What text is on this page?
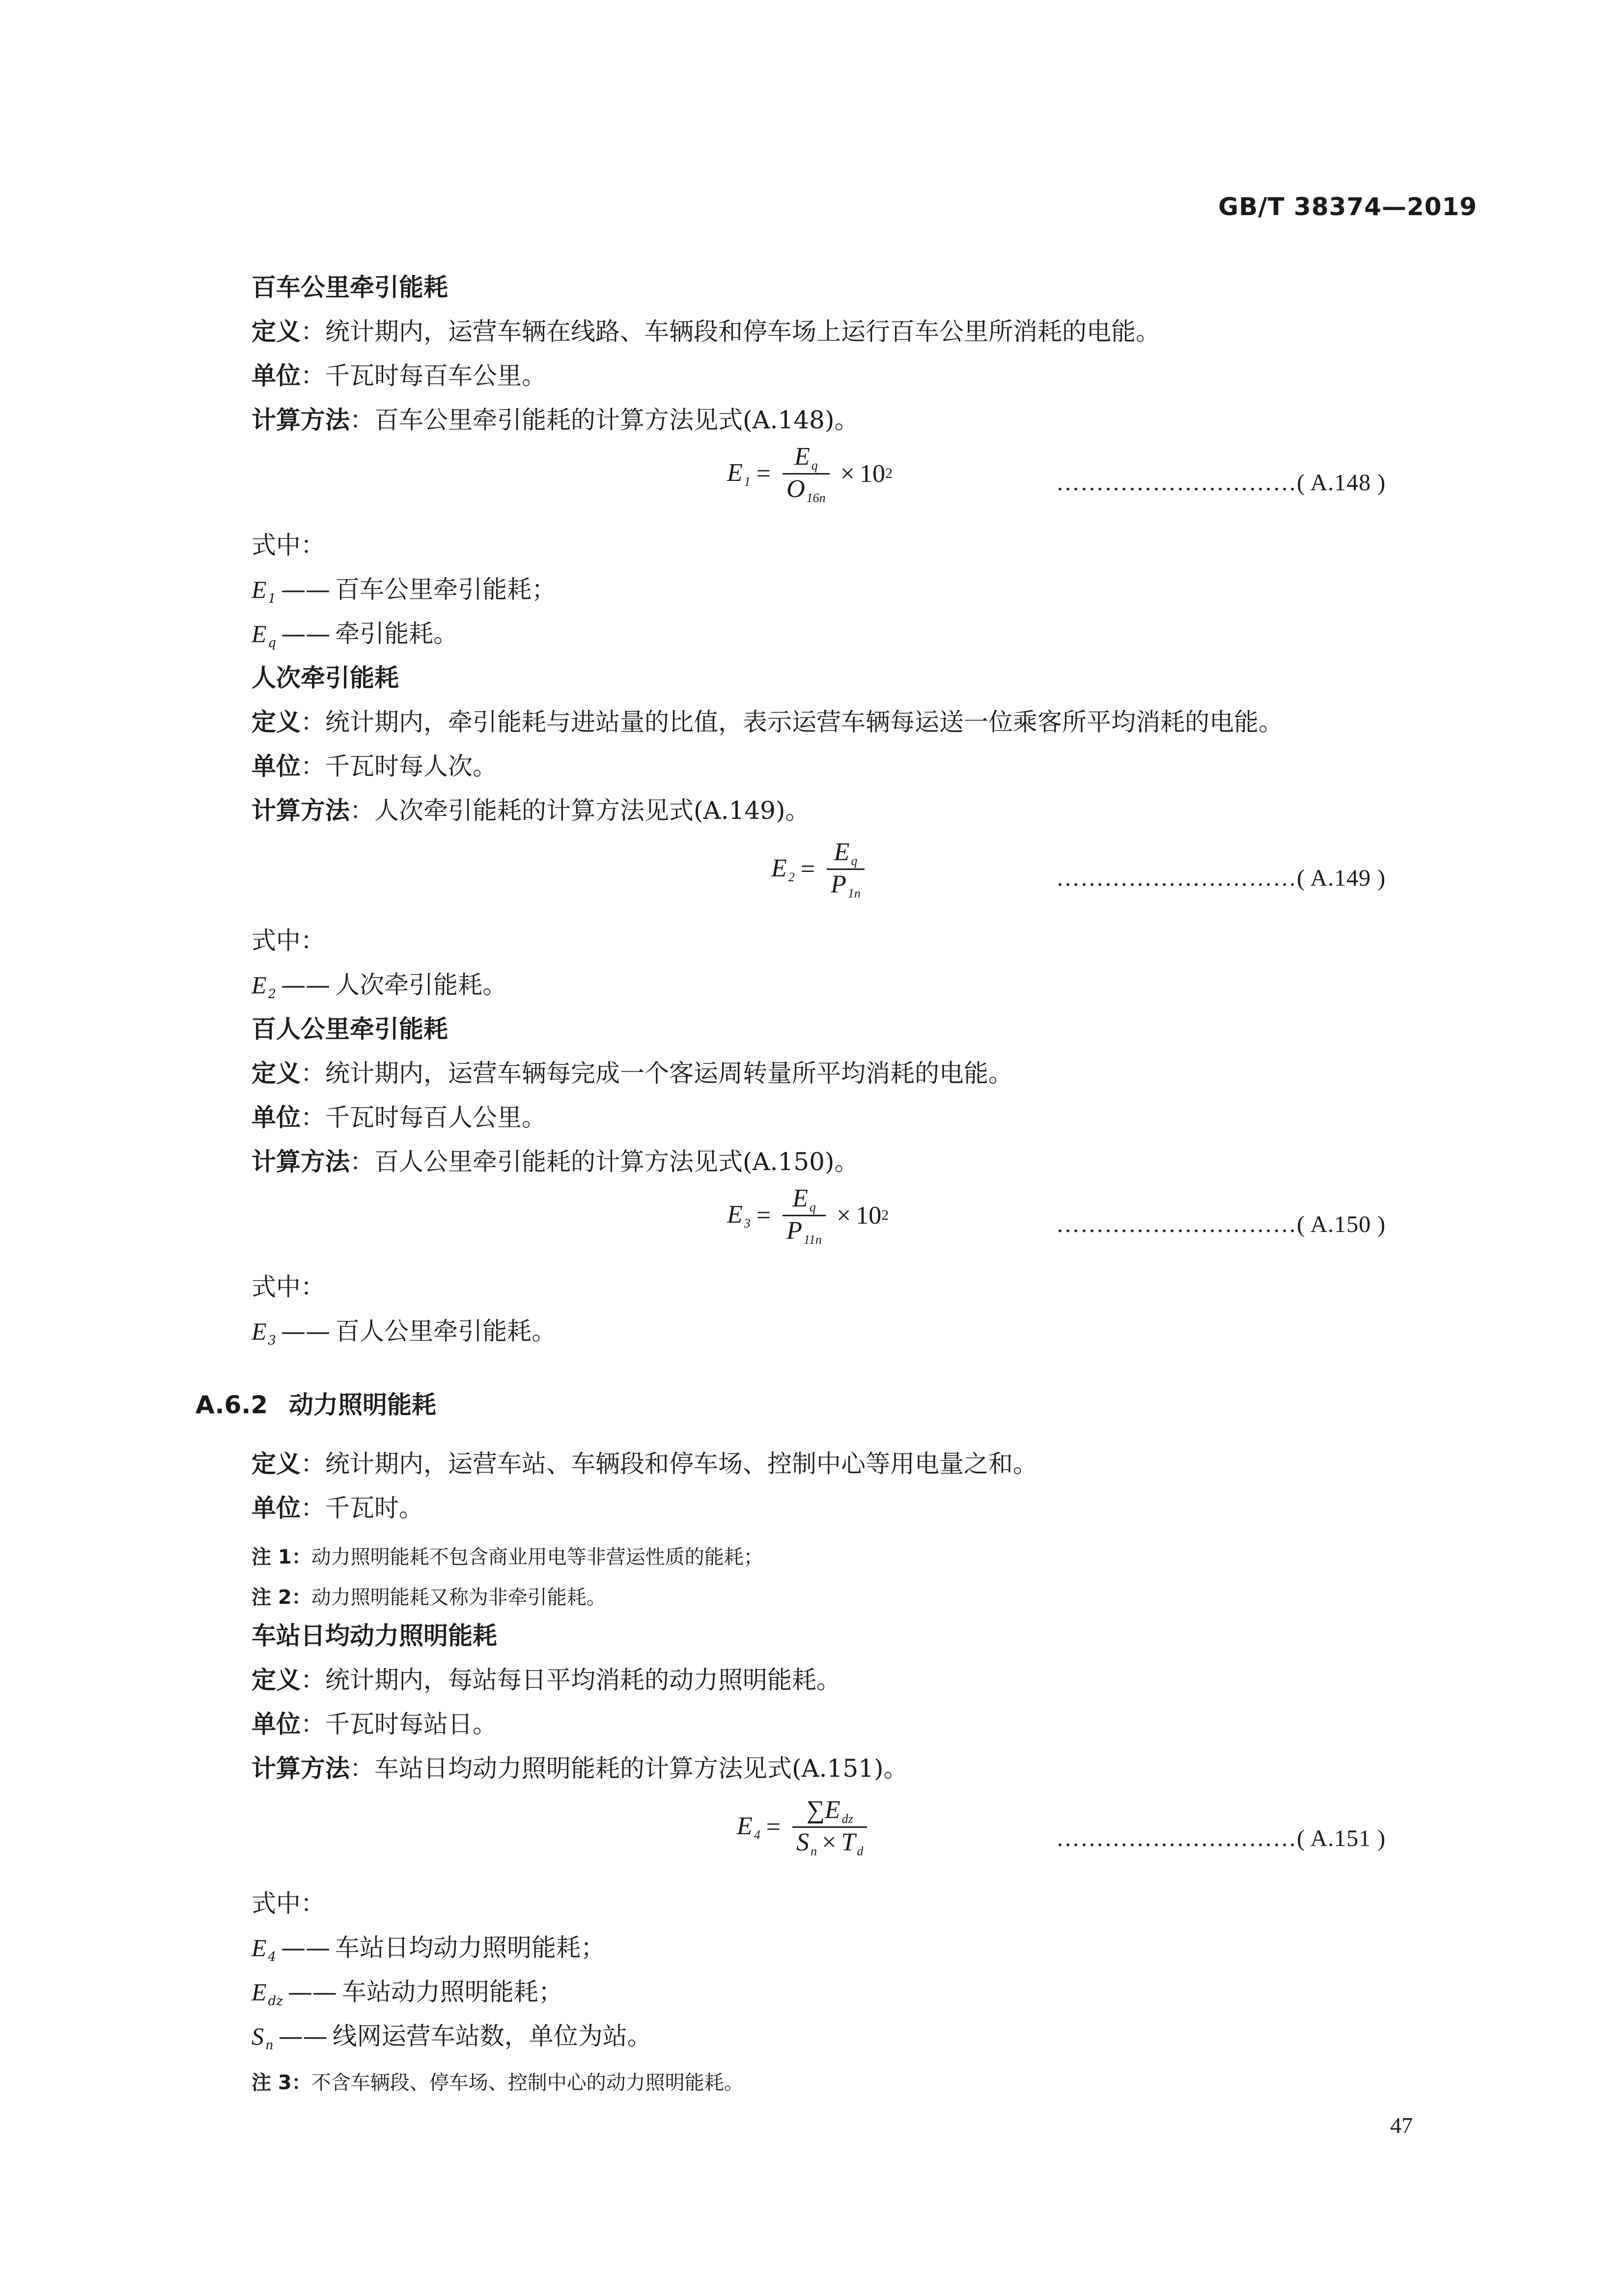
GB/T 38374—2019
百车公里牵引能耗
定义：统计期内，运营车辆在线路、车辆段和停车场上运行百车公里所消耗的电能。
单位：千瓦时每百车公里。
计算方法：百车公里牵引能耗的计算方法见式(A.148)。
E $_1 = \frac{E _q}{O _{16n}} \times 10$ 2	…………………………( A.148 )
式中：
E $_1$ —— 百车公里牵引能耗；
E $_q$ —— 牵引能耗。
人次牵引能耗
定义：统计期内，牵引能耗与进站量的比值，表示运营车辆每运送一位乘客所平均消耗的电能。
单位：千瓦时每人次。
计算方法：人次牵引能耗的计算方法见式(A.149)。
E $_2 = \frac{E _q}{P _{1n}}$	…………………………( A.149 )
式中：
E $_2$ —— 人次牵引能耗。
百人公里牵引能耗
定义：统计期内，运营车辆每完成一个客运周转量所平均消耗的电能。
单位：千瓦时每百人公里。
计算方法：百人公里牵引能耗的计算方法见式(A.150)。
E $_3 = \frac{E _q}{P _{11n}} \times 10$ 2	…………………………( A.150 )
式中：
E $_3$ —— 百人公里牵引能耗。
A.6.2 动力照明能耗
定义：统计期内，运营车站、车辆段和停车场、控制中心等用电量之和。
单位：千瓦时。
注 1：动力照明能耗不包含商业用电等非营运性质的能耗；
注 2：动力照明能耗又称为非牵引能耗。
车站日均动力照明能耗
定义：统计期内，每站每日平均消耗的动力照明能耗。
单位：千瓦时每站日。
计算方法：车站日均动力照明能耗的计算方法见式(A.151)。
E $_4 = \frac{\sum E _{dz}}{S _n \times T _d}$	…………………………( A.151 )
式中：
E $_4$ —— 车站日均动力照明能耗；
E $_{dz}$ —— 车站动力照明能耗；
S $_n$ —— 线网运营车站数，单位为站。
注 3：不含车辆段、停车场、控制中心的动力照明能耗。
47
